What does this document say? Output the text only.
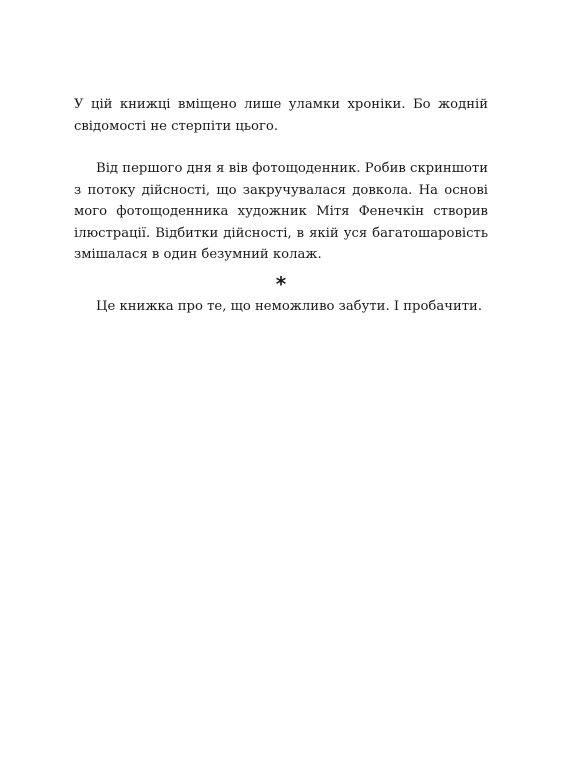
У цій книжці вміщено лише уламки хроніки. Бо жодній свідомості не стерпіти цього.

Від першого дня я вів фотощоденник. Робив скриншоти з потоку дійсності, що закручувалася довкола. На основі мого фотощоденника художник Мітя Фенечкін створив ілюстрації. Відбитки дійсності, в якій уся багатошаровість змішалася в один безумний колаж.

*

Це книжка про те, що неможливо забути. І пробачити.
